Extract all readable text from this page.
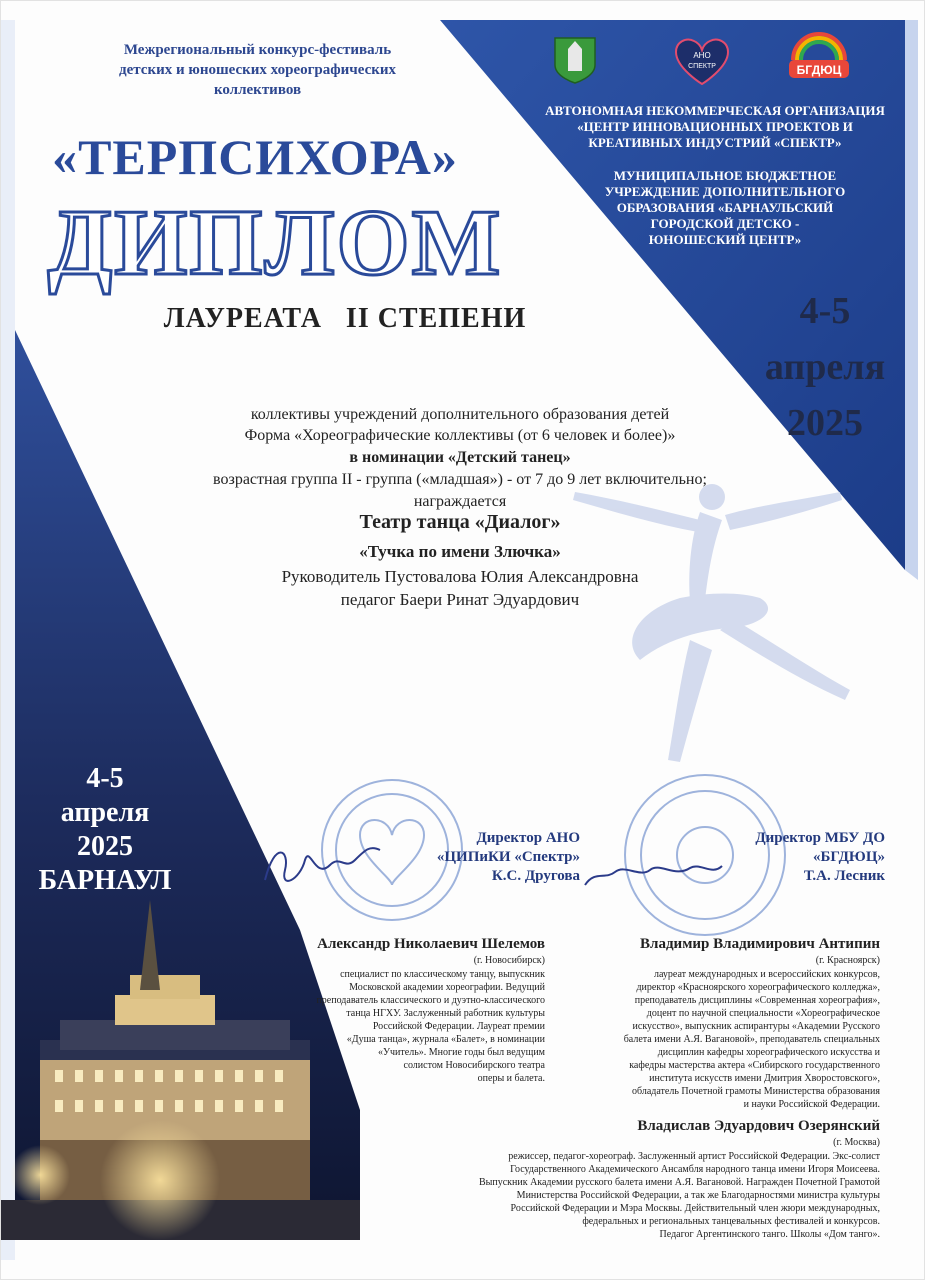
АНО
СПЕКТР	БГДЮЦ
Межрегиональный конкурс-фестиваль
детских и юношеских хореографических
коллективов
«ТЕРПСИХОРА»
ДИПЛОМ
ЛАУРЕАТА   II СТЕПЕНИ
АВТОНОМНАЯ НЕКОММЕРЧЕСКАЯ ОРГАНИЗАЦИЯ
«ЦЕНТР ИННОВАЦИОННЫХ ПРОЕКТОВ И
КРЕАТИВНЫХ ИНДУСТРИЙ «СПЕКТР»
МУНИЦИПАЛЬНОЕ БЮДЖЕТНОЕ
УЧРЕЖДЕНИЕ ДОПОЛНИТЕЛЬНОГО
ОБРАЗОВАНИЯ «БАРНАУЛЬСКИЙ
ГОРОДСКОЙ ДЕТСКО -
ЮНОШЕСКИЙ ЦЕНТР»
4-5
апреля
2025
коллективы учреждений дополнительного образования детей
Форма «Хореографические коллективы (от 6 человек и более)»
в номинации «Детский танец»
возрастная группа II - группа («младшая») - от 7 до 9 лет включительно;
награждается
Театр танца «Диалог»
«Тучка по имени Злючка»
Руководитель Пустовалова Юлия Александровна
педагог Баери Ринат Эдуардович
4-5
апреля
2025
БАРНАУЛ
Директор АНО
«ЦИПиКИ «Спектр»
К.С. Другова
Директор МБУ ДО
«БГДЮЦ»
Т.А. Лесник
Александр Николаевич Шелемов
(г. Новосибирск)
специалист по классическому танцу, выпускник
Московской академии хореографии. Ведущий
преподаватель классического и дуэтно-классического
танца НГХУ. Заслуженный работник культуры
Российской Федерации. Лауреат премии
«Душа танца», журнала «Балет», в номинации
«Учитель». Многие годы был ведущим
солистом Новосибирского театра
оперы и балета.
Владимир Владимирович Антипин
(г. Красноярск)
лауреат международных и всероссийских конкурсов,
директор «Красноярского хореографического колледжа»,
преподаватель дисциплины «Современная хореография»,
доцент по научной специальности «Хореографическое
искусство», выпускник аспирантуры «Академии Русского
балета имени А.Я. Вагановой», преподаватель специальных
дисциплин кафедры хореографического искусства и
кафедры мастерства актера «Сибирского государственного
института искусств имени Дмитрия Хворостовского»,
обладатель Почетной грамоты Министерства образования
и науки Российской Федерации.
Владислав Эдуардович Озерянский
(г. Москва)
режиссер, педагог-хореограф. Заслуженный артист Российской Федерации. Экс-солист
Государственного Академического Ансамбля народного танца имени Игоря Моисеева.
Выпускник Академии русского балета имени А.Я. Вагановой. Награжден Почетной Грамотой
Министерства Российской Федерации, а так же Благодарностями министра культуры
Российской Федерации и Мэра Москвы. Действительный член жюри международных,
федеральных и региональных танцевальных фестивалей и конкурсов.
Педагог Аргентинского танго. Школы «Дом танго».
